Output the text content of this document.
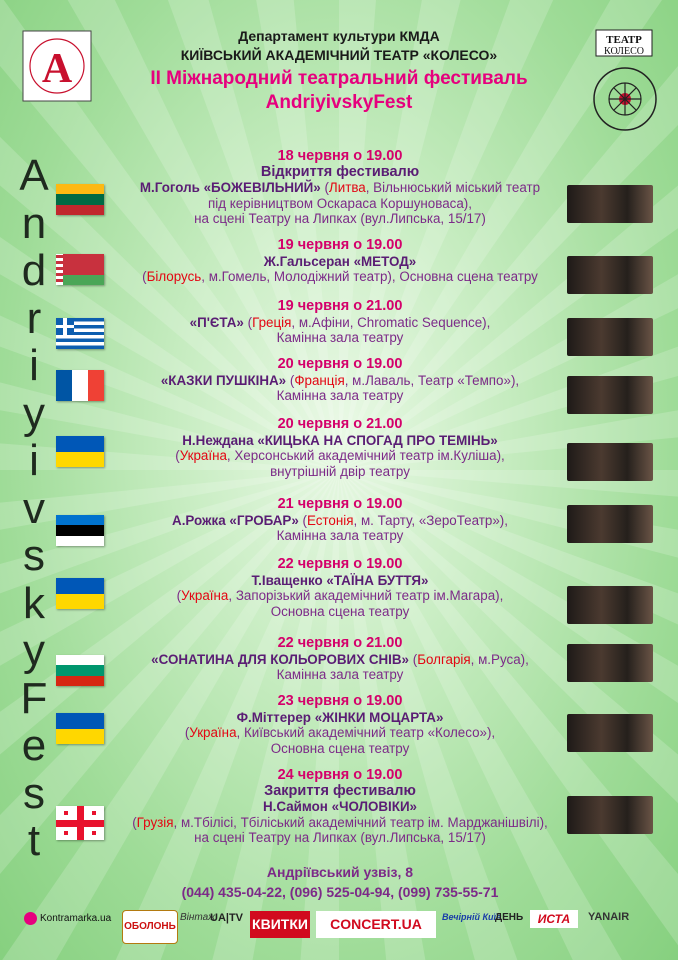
A
ТЕАТР
КОЛЕСО
Департамент культури КМДА
КИЇВСЬКИЙ АКАДЕМІЧНИЙ ТЕАТР «КОЛЕСО»
ІІ Міжнародний театральний фестиваль
AndriyivskyFest
A
n
d
r
i
y
i
v
s
k
y
F
e
s
t
18 червня о 19.00
Відкриття фестивалю
М.Гоголь «БОЖЕВІЛЬНИЙ» (Литва, Вільнюський міський театр
під керівництвом Оскараса Коршуноваса),
на сцені Театру на Липках (вул.Липська, 15/17)
19 червня о 19.00
Ж.Гальсеран «МЕТОД»
(Білорусь, м.Гомель, Молодіжний театр), Основна сцена театру
19 червня о 21.00
«П'ЄТА» (Греція, м.Афіни, Chromatic Sequence),
Камінна зала театру
20 червня о 19.00
«КАЗКИ ПУШКІНА» (Франція, м.Лаваль, Театр «Темпо»),
Камінна зала театру
20 червня о 21.00
Н.Неждана «КИЦЬКА НА СПОГАД ПРО ТЕМІНЬ»
(Україна, Херсонський академічний театр ім.Куліша),
внутрішній двір театру
21 червня о 19.00
А.Рожка «ГРОБАР» (Естонія, м. Тарту, «ЗероТеатр»),
Камінна зала театру
22 червня о 19.00
Т.Іващенко «ТАЇНА БУТТЯ»
(Україна, Запорізький академічний театр ім.Магара),
Основна сцена театру
22 червня о 21.00
«СОНАТИНА ДЛЯ КОЛЬОРОВИХ СНІВ» (Болгарія, м.Руса),
Камінна зала театру
23 червня о 19.00
Ф.Міттерер «ЖІНКИ МОЦАРТА»
(Україна, Київський академічний театр «Колесо»),
Основна сцена театру
24 червня о 19.00
Закриття фестивалю
Н.Саймон «ЧОЛОВІКИ»
(Грузія, м.Тбілісі, Тбіліський академічний театр ім. Марджанішвілі),
на сцені Театру на Липках (вул.Липська, 15/17)
Андріївський узвіз, 8
(044) 435-04-22, (096) 525-04-94, (099) 735-55-71
Kontramarka.ua
ОБОЛОНЬ
Вінтаж
UA|TV КВИТКИ	CONCERT.UA	Вечірній Київ
ДЕНЬ	ИСТА	YANAIR
